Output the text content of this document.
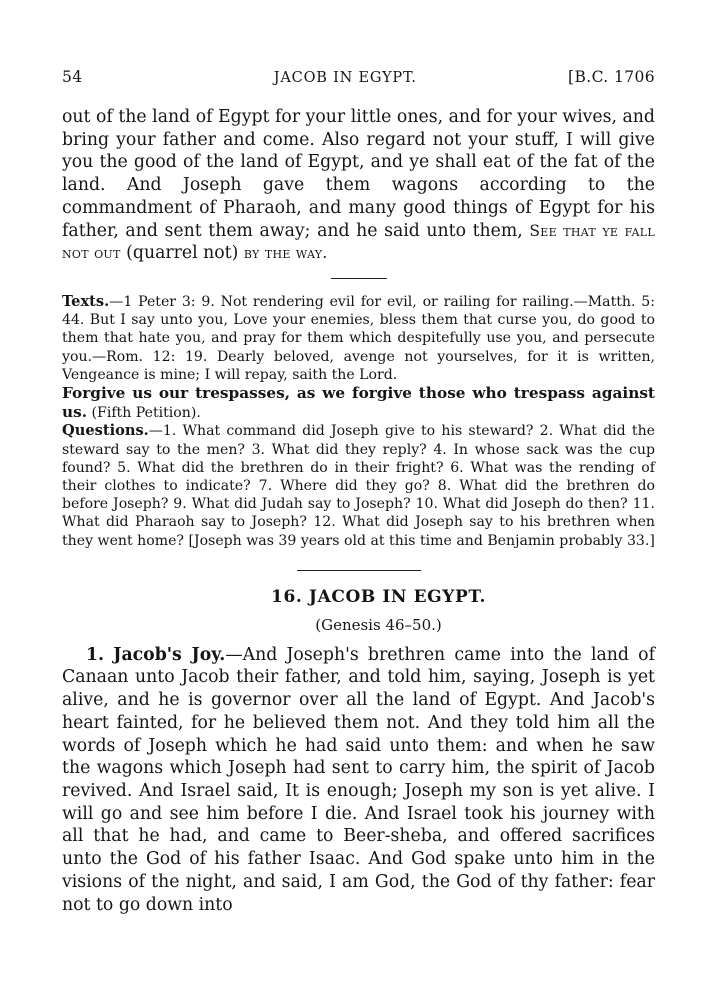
54	JACOB IN EGYPT.	[B.C. 1706

out of the land of Egypt for your little ones, and for your wives, and bring your father and come. Also regard not your stuff, I will give you the good of the land of Egypt, and ye shall eat of the fat of the land. And Joseph gave them wagons according to the commandment of Pharaoh, and many good things of Egypt for his father, and sent them away; and he said unto them, See that ye fall not out (quarrel not) by the way.

Texts.—1 Peter 3: 9. Not rendering evil for evil, or railing for railing.—Matth. 5: 44. But I say unto you, Love your enemies, bless them that curse you, do good to them that hate you, and pray for them which despitefully use you, and persecute you.—Rom. 12: 19. Dearly beloved, avenge not yourselves, for it is written, Vengeance is mine; I will repay, saith the Lord.

Forgive us our trespasses, as we forgive those who trespass against us. (Fifth Petition).

Questions.—1. What command did Joseph give to his steward? 2. What did the steward say to the men? 3. What did they reply? 4. In whose sack was the cup found? 5. What did the brethren do in their fright? 6. What was the rending of their clothes to indicate? 7. Where did they go? 8. What did the brethren do before Joseph? 9. What did Judah say to Joseph? 10. What did Joseph do then? 11. What did Pharaoh say to Joseph? 12. What did Joseph say to his brethren when they went home? [Joseph was 39 years old at this time and Benjamin probably 33.]

16. JACOB IN EGYPT.
(Genesis 46–50.)

1. Jacob's Joy.—And Joseph's brethren came into the land of Canaan unto Jacob their father, and told him, saying, Joseph is yet alive, and he is governor over all the land of Egypt. And Jacob's heart fainted, for he believed them not. And they told him all the words of Joseph which he had said unto them: and when he saw the wagons which Joseph had sent to carry him, the spirit of Jacob revived. And Israel said, It is enough; Joseph my son is yet alive. I will go and see him before I die. And Israel took his journey with all that he had, and came to Beer-sheba, and offered sacrifices unto the God of his father Isaac. And God spake unto him in the visions of the night, and said, I am God, the God of thy father: fear not to go down into
